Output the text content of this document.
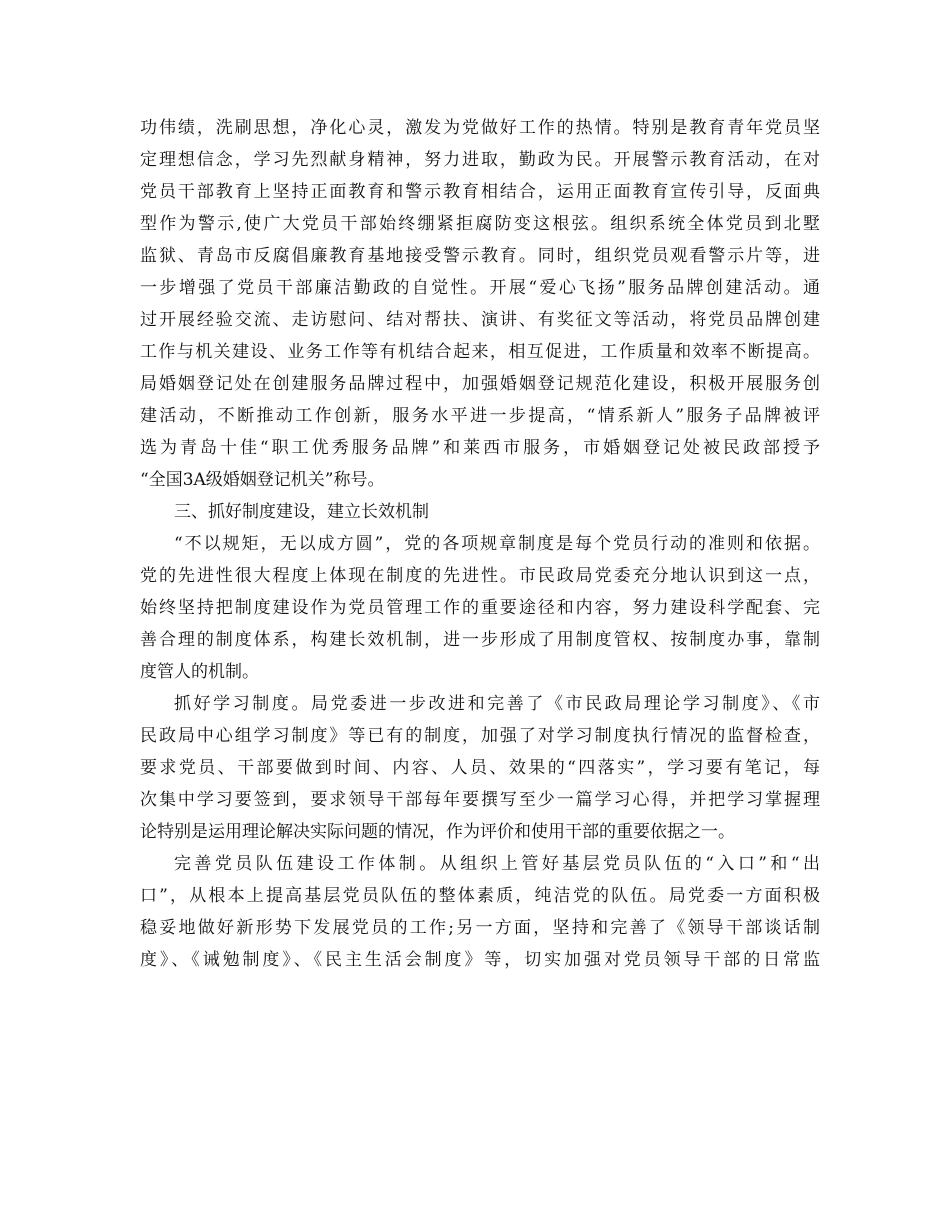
功伟绩，洗刷思想，净化心灵，激发为党做好工作的热情。特别是教育青年党员坚
定理想信念，学习先烈献身精神，努力进取，勤政为民。开展警示教育活动，在对
党员干部教育上坚持正面教育和警示教育相结合，运用正面教育宣传引导，反面典
型作为警示,使广大党员干部始终绷紧拒腐防变这根弦。组织系统全体党员到北墅
监狱、青岛市反腐倡廉教育基地接受警示教育。同时，组织党员观看警示片等，进
一步增强了党员干部廉洁勤政的自觉性。开展“爱心飞扬”服务品牌创建活动。通
过开展经验交流、走访慰问、结对帮扶、演讲、有奖征文等活动，将党员品牌创建
工作与机关建设、业务工作等有机结合起来，相互促进，工作质量和效率不断提高。
局婚姻登记处在创建服务品牌过程中，加强婚姻登记规范化建设，积极开展服务创
建活动，不断推动工作创新，服务水平进一步提高，“情系新人”服务子品牌被评
选为青岛十佳“职工优秀服务品牌”和莱西市服务，市婚姻登记处被民政部授予
“全国3A级婚姻登记机关”称号。
三、抓好制度建设，建立长效机制
“不以规矩，无以成方圆”，党的各项规章制度是每个党员行动的准则和依据。
党的先进性很大程度上体现在制度的先进性。市民政局党委充分地认识到这一点，
始终坚持把制度建设作为党员管理工作的重要途径和内容，努力建设科学配套、完
善合理的制度体系，构建长效机制，进一步形成了用制度管权、按制度办事，靠制
度管人的机制。
抓好学习制度。局党委进一步改进和完善了《市民政局理论学习制度》、《市
民政局中心组学习制度》等已有的制度，加强了对学习制度执行情况的监督检查，
要求党员、干部要做到时间、内容、人员、效果的“四落实”，学习要有笔记，每
次集中学习要签到，要求领导干部每年要撰写至少一篇学习心得，并把学习掌握理
论特别是运用理论解决实际问题的情况，作为评价和使用干部的重要依据之一。
完善党员队伍建设工作体制。从组织上管好基层党员队伍的“入口”和“出
口”，从根本上提高基层党员队伍的整体素质，纯洁党的队伍。局党委一方面积极
稳妥地做好新形势下发展党员的工作;另一方面，坚持和完善了《领导干部谈话制
度》、《诫勉制度》、《民主生活会制度》等，切实加强对党员领导干部的日常监
